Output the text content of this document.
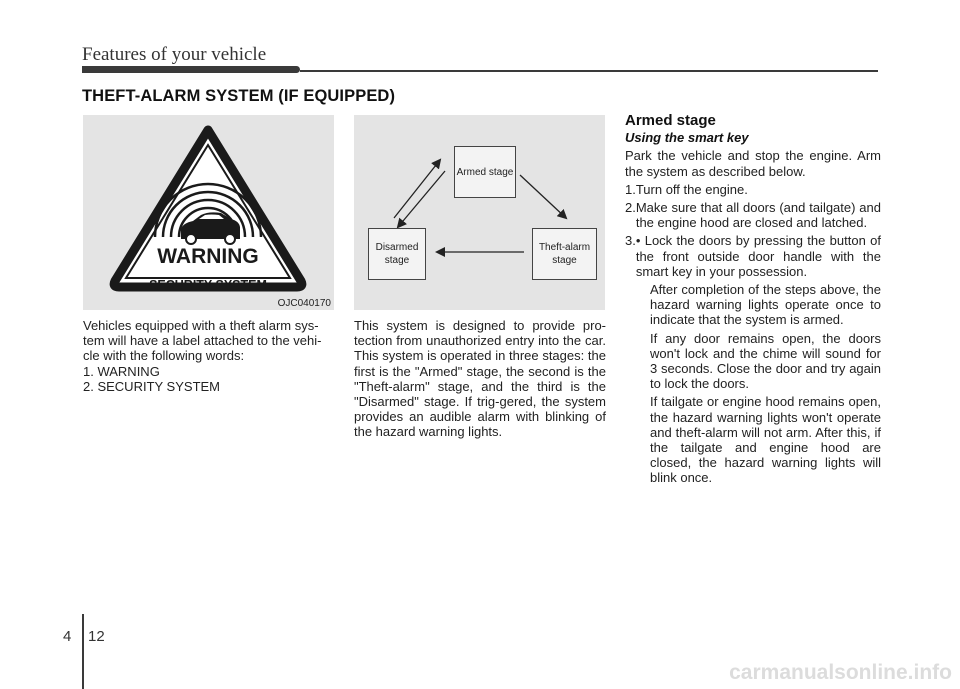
Features of your vehicle
THEFT-ALARM SYSTEM (IF EQUIPPED)
WARNING
SECURITY SYSTEM
OJC040170
Armed stage
Disarmed stage
Theft-alarm stage
Vehicles equipped with a theft alarm sys-
tem will have a label attached to the vehi-
cle with the following words:
1. WARNING
2. SECURITY SYSTEM
This system is designed to provide pro-tection from unauthorized entry into the car. This system is operated in three stages: the first is the "Armed" stage, the second is the "Theft-alarm" stage, and the third is the "Disarmed" stage. If trig-gered, the system provides an audible alarm with blinking of the hazard warning lights.
Armed stage
Using the smart key
Park the vehicle and stop the engine. Arm the system as described below.
1. Turn off the engine.
2. Make sure that all doors (and tailgate) and the engine hood are closed and latched.
3. • Lock the doors by pressing the button of the front outside door handle with the smart key in your possession.
After completion of the steps above, the hazard warning lights operate once to indicate that the system is armed.
If any door remains open, the doors won't lock and the chime will sound for 3 seconds. Close the door and try again to lock the doors.
If tailgate or engine hood remains open, the hazard warning lights won't operate and theft-alarm will not arm. After this, if the tailgate and engine hood are closed, the hazard warning lights will blink once.
4 12
carmanualsonline.info
